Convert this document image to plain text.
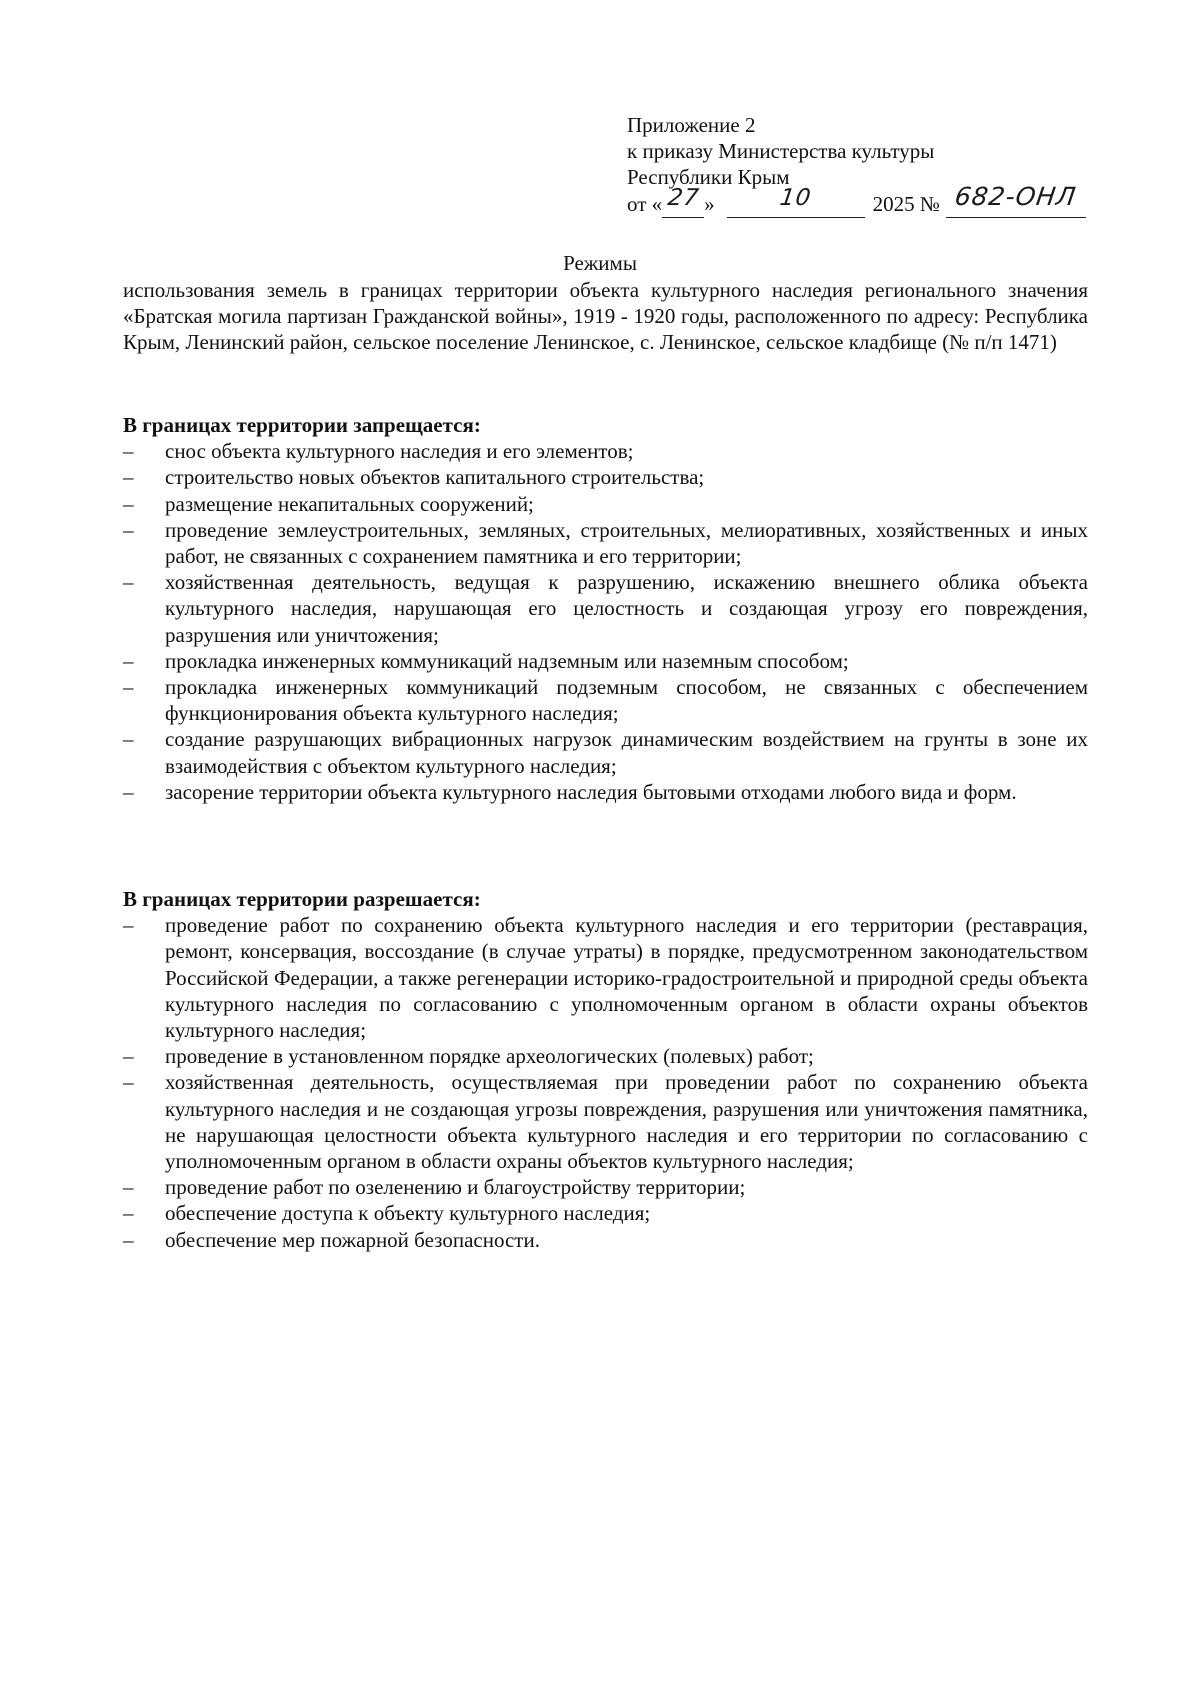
Приложение 2
к приказу Министерства культуры
Республики Крым
от « 27 »	10	2025 № 682-ОНЛ
Режимы
использования земель в границах территории объекта культурного наследия регионального значения «Братская могила партизан Гражданской войны», 1919 - 1920 годы, расположенного по адресу: Республика Крым, Ленинский район, сельское поселение Ленинское, с. Ленинское, сельское кладбище (№ п/п 1471)

В границах территории запрещается:

– снос объекта культурного наследия и его элементов;
– строительство новых объектов капитального строительства;
– размещение некапитальных сооружений;
– проведение землеустроительных, земляных, строительных, мелиоративных, хозяйственных и иных работ, не связанных с сохранением памятника и его территории;
– хозяйственная деятельность, ведущая к разрушению, искажению внешнего облика объекта культурного наследия, нарушающая его целостность и создающая угрозу его повреждения, разрушения или уничтожения;
– прокладка инженерных коммуникаций надземным или наземным способом;
– прокладка инженерных коммуникаций подземным способом, не связанных с обеспечением функционирования объекта культурного наследия;
– создание разрушающих вибрационных нагрузок динамическим воздействием на грунты в зоне их взаимодействия с объектом культурного наследия;
– засорение территории объекта культурного наследия бытовыми отходами любого вида и форм.

В границах территории разрешается:

– проведение работ по сохранению объекта культурного наследия и его территории (реставрация, ремонт, консервация, воссоздание (в случае утраты) в порядке, предусмотренном законодательством Российской Федерации, а также регенерации историко-градостроительной и природной среды объекта культурного наследия по согласованию с уполномоченным органом в области охраны объектов культурного наследия;
– проведение в установленном порядке археологических (полевых) работ;
– хозяйственная деятельность, осуществляемая при проведении работ по сохранению объекта культурного наследия и не создающая угрозы повреждения, разрушения или уничтожения памятника, не нарушающая целостности объекта культурного наследия и его территории по согласованию с уполномоченным органом в области охраны объектов культурного наследия;
– проведение работ по озеленению и благоустройству территории;
– обеспечение доступа к объекту культурного наследия;
– обеспечение мер пожарной безопасности.
